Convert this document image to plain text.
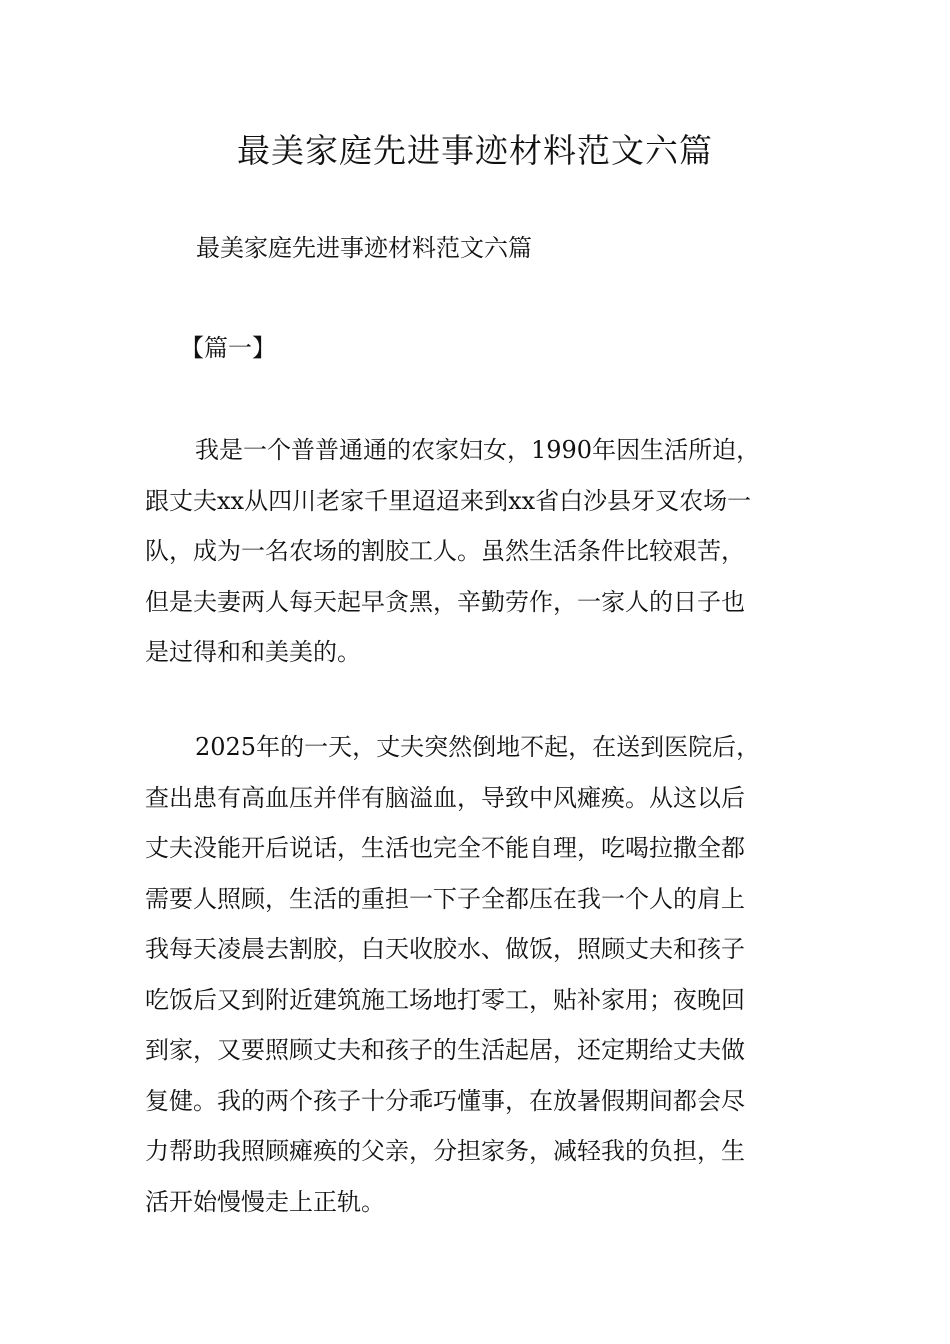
最美家庭先进事迹材料范文六篇

最美家庭先进事迹材料范文六篇

【篇一】

我是一个普普通通的农家妇女，1990年因生活所迫，
跟丈夫xx从四川老家千里迢迢来到xx省白沙县牙叉农场一
队，成为一名农场的割胶工人。虽然生活条件比较艰苦，
但是夫妻两人每天起早贪黑，辛勤劳作，一家人的日子也
是过得和和美美的。
2025年的一天，丈夫突然倒地不起，在送到医院后，
查出患有高血压并伴有脑溢血，导致中风瘫痪。从这以后
丈夫没能开后说话，生活也完全不能自理，吃喝拉撒全都
需要人照顾，生活的重担一下子全都压在我一个人的肩上
我每天凌晨去割胶，白天收胶水、做饭，照顾丈夫和孩子
吃饭后又到附近建筑施工场地打零工，贴补家用；夜晚回
到家，又要照顾丈夫和孩子的生活起居，还定期给丈夫做
复健。我的两个孩子十分乖巧懂事，在放暑假期间都会尽
力帮助我照顾瘫痪的父亲，分担家务，减轻我的负担，生
活开始慢慢走上正轨。
